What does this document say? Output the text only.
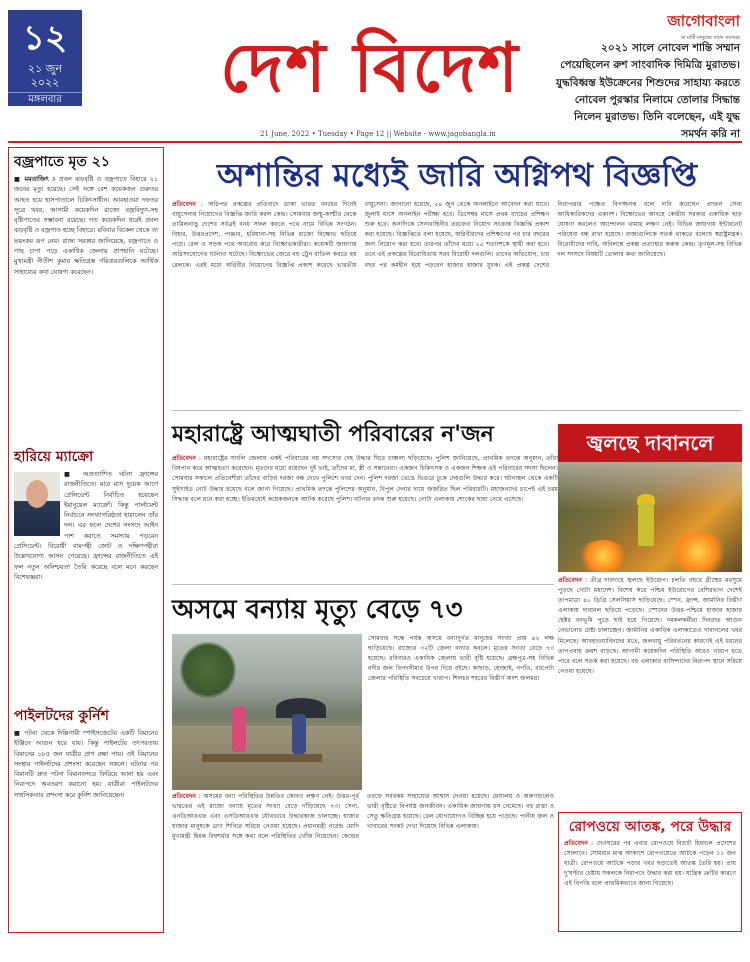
১২
২১ জুন
২০২২
মঙ্গলবার	দেশ বিদেশ
জাগোবাংলা
মা মাটি মানুষের সাথে সবসময়
২০২১ সালে নোবেল শান্তি সম্মান পেয়েছিলেন রুশ সাংবাদিক দিমিত্রি মুরাতভ। যুদ্ধবিধ্বস্ত ইউক্রেনের শিশুদের সাহায্য করতে নোবেল পুরস্কার নিলামে তোলার সিদ্ধান্ত নিলেন মুরাতভ। তিনি বলেছেন, এই যুদ্ধ সমর্থন করি না
21 June, 2022 • Tuesday • Page 12 || Website - www.jagobangla.in
বজ্রপাতে মৃত ২১
■ মমতাজিৎ ॥ প্রবল ঝড়বৃষ্টি ও বজ্রপাতে বিহারে ২১ জনের মৃত্যু হয়েছে। সেই সঙ্গে বেশ কয়েকজন গুরুতর আহত হয়ে হাসপাতালে চিকিৎসাধীন। আবহাওয়া দফতর সূত্রে খবর, আগামী কয়েকদিন রাজ্যে বজ্রবিদ্যুৎ-সহ বৃষ্টিপাতের সম্ভাবনা রয়েছে। গত কয়েকদিন ধরেই প্রবল ঝড়বৃষ্টি ও বজ্রপাত হচ্ছে বিহারে। রবিবার বিকেল থেকে তা ভয়ংকর রূপ নেয়। রাজ্য সরকার জানিয়েছে, বজ্রপাতে ও গাছ চাপা পড়ে একাধিক জেলায় প্রাণহানি ঘটেছে। মুখ্যমন্ত্রী নীতীশ কুমার ক্ষতিগ্রস্ত পরিবারগুলিকে আর্থিক সাহায্যের কথা ঘোষণা করেছেন।
হারিয়ে ম্যাক্রো
■ অপ্রত্যাশিত ঘটনা ফ্রান্সের রাজনীতিতে। মাত্র মাস দুয়েক আগে প্রেসিডেন্ট নির্বাচিত হয়েছেন ইমানুয়েল ম্যাক্রোঁ। কিন্তু পার্লামেন্ট নির্বাচনে সংখ্যাগরিষ্ঠতা হারালেন তাঁর দল। এর ফলে দেশের সংসদে আইন পাশ করাতে সমস্যায় পড়বেন প্রেসিডেন্ট। বিরোধী বামপন্থী জোট ও দক্ষিণপন্থীরা উল্লেখযোগ্য আসন পেয়েছে। ফ্রান্সের রাজনীতিতে এই ফল নতুন অনিশ্চয়তা তৈরি করেছে বলে মনে করছেন বিশেষজ্ঞরা।
পাইলটদের কুর্নিশ
■ পটনা থেকে দিল্লিগামী স্পাইসজেটের একটি বিমানের ইঞ্জিনে আগুন ধরে যায়। কিন্তু পাইলটের তৎপরতায় বিমানের ১৮৫ জন যাত্রীর প্রাণ রক্ষা পায়। ওই বিমানের সংস্থার পাইলটদের প্রশংসা করেছেন সকলে। ঘটনার পর বিমানটি দ্রুত পটনা বিমানবন্দরে ফিরিয়ে আনা হয় এবং নিরাপদে অবতরণ করানো হয়। যাত্রীরা পাইলটদের সাহসিকতার প্রশংসা করে কুর্নিশ জানিয়েছেন।
অশান্তির মধ্যেই জারি অগ্নিপথ বিজ্ঞপ্তি
প্রতিবেদন : অগ্নিপথ প্রকল্পের প্রতিবাদে ডাকা ভারত বনধের দিনেই বায়ুসেনায় নিয়োগের বিজ্ঞপ্তি জারি করল কেন্দ্র। সোমবার জম্মু-কাশ্মীর থেকে তামিলনাড়ু দেশের সর্বত্রই বনধ সফল করতে পথে নামে বিভিন্ন সংগঠন। বিহার, উত্তরপ্রদেশ, পাঞ্জাব, হরিয়ানা-সহ বিভিন্ন রাজ্যে বিক্ষোভ ছড়িয়ে পড়ে। রেল ও সড়ক পথে অবরোধ করে বিক্ষোভকারীরা। কয়েকটি জায়গায় অগ্নিসংযোগের ঘটনাও ঘটেছে। বিক্ষোভের জেরে বহু ট্রেন বাতিল করতে হয় রেলকে। এরই মধ্যে অগ্নিবীর নিয়োগের বিজ্ঞপ্তি প্রকাশ করেছে ভারতীয় বায়ুসেনা। জানানো হয়েছে, ২৪ জুন থেকে অনলাইনে আবেদন করা যাবে। জুলাই মাসে অনলাইন পরীক্ষা হবে। ডিসেম্বর মাসে প্রথম ব্যাচের প্রশিক্ষণ শুরু হবে। অন্যদিকে সেনাবাহিনীর তরফেও নিয়োগ সংক্রান্ত বিজ্ঞপ্তি প্রকাশ করা হয়েছে। বিজ্ঞপ্তিতে বলা হয়েছে, অগ্নিবীরদের প্রশিক্ষণের পর চার বছরের জন্য নিয়োগ করা হবে। তারপর তাঁদের মধ্যে ২৫ শতাংশকে স্থায়ী করা হবে। তবে এই প্রকল্পের বিরোধিতায় সরব বিরোধী দলগুলি। তাদের অভিযোগ, চার বছর পর কর্মহীন হয়ে পড়বেন হাজার হাজার যুবক। এই প্রকল্প দেশের নিরাপত্তার পক্ষেও বিপজ্জনক বলে দাবি করেছেন প্রাক্তন সেনা আধিকারিকদের একাংশ। বিক্ষোভের আবহে কেন্দ্রীয় সরকার একাধিক ছাড় ঘোষণা করলেও আন্দোলন থামার লক্ষণ নেই। বিভিন্ন জায়গায় ইন্টারনেট পরিষেবা বন্ধ রাখা হয়েছে। রাজ্যগুলিকে সতর্ক থাকতে বলেছে স্বরাষ্ট্রমন্ত্রক। বিরোধীদের দাবি, অবিলম্বে প্রকল্প প্রত্যাহার করুক কেন্দ্র। তৃণমূল-সহ বিভিন্ন দল সংসদে বিষয়টি তোলার কথা জানিয়েছে।
মহারাষ্ট্রে আত্মঘাতী পরিবারের ন'জন
প্রতিবেদন : মহারাষ্ট্রের সাংলি জেলায় একই পরিবারের নয় সদস্যের দেহ উদ্ধার ঘিরে চাঞ্চল্য ছড়িয়েছে। পুলিশ জানিয়েছে, প্রাথমিক তদন্তে অনুমান, তাঁরা বিষপান করে আত্মহত্যা করেছেন। মৃতদের মধ্যে রয়েছেন দুই ভাই, তাঁদের মা, স্ত্রী ও সন্তানেরা। একজন চিকিৎসক ও একজন শিক্ষক এই পরিবারের সদস্য ছিলেন। সোমবার সকালে প্রতিবেশীরা তাঁদের বাড়ির দরজা বন্ধ দেখে পুলিশে খবর দেন। পুলিশ দরজা ভেঙে ভিতরে ঢুকে দেহগুলি উদ্ধার করে। ঘটনাস্থল থেকে একটি সুইসাইড নোট উদ্ধার হয়েছে বলে জানা গিয়েছে। প্রাথমিক তদন্তে পুলিশের অনুমান, বিপুল দেনার দায়ে জর্জরিত ছিল পরিবারটি। মহাজনদের চাপেই এই চরম সিদ্ধান্ত বলে মনে করা হচ্ছে। ইতিমধ্যেই কয়েকজনকে আটক করেছে পুলিশ। ঘটনার তদন্ত শুরু হয়েছে। গোটা এলাকায় শোকের ছায়া নেমে এসেছে।
জ্বলছে দাবানলে
প্রতিবেদন : তীব্র দাবদাহে জ্বলছে ইউরোপ। চলতি বছরে গ্রীষ্মের মরসুমে পুড়ছে গোটা মহাদেশ। বিশেষ করে পশ্চিম ইউরোপের বেশিরভাগ দেশেই তাপমাত্রা ৪০ ডিগ্রি সেলসিয়াস ছাড়িয়েছে। স্পেন, ফ্রান্স, জার্মানির বিস্তীর্ণ এলাকায় দাবানল ছড়িয়ে পড়েছে। স্পেনের উত্তর-পশ্চিমে হাজার হাজার হেক্টর বনভূমি পুড়ে ছাই হয়ে গিয়েছে। দমকলকর্মীরা দিনরাত আগুন নেভানোর চেষ্টা চালাচ্ছেন। জার্মানির একাধিক এলাকাতেও দাবানলের খবর মিলেছে। আবহাওয়াবিদদের মতে, জলবায়ু পরিবর্তনের কারণেই এই ধরনের তাপপ্রবাহ ক্রমশ বাড়ছে। আগামী কয়েকদিন পরিস্থিতি আরও খারাপ হতে পারে বলে সতর্ক করা হয়েছে। বহু এলাকার বাসিন্দাদের নিরাপদ স্থানে সরিয়ে নেওয়া হয়েছে।
অসমে বন্যায় মৃত্যু বেড়ে ৭৩
সোমবার সন্ধে পর্যন্ত অসমে বন্যাদুর্গত মানুষের সংখ্যা প্রায় ৪২ লক্ষ ছাড়িয়েছে। রাজ্যের ৩২টি জেলা বন্যার কবলে। মৃতের সংখ্যা বেড়ে ৭৩ হয়েছে। রবিবারও একাধিক জেলায় ভারী বৃষ্টি হয়েছে। ব্রহ্মপুত্র-সহ বিভিন্ন নদীর জল বিপদসীমার উপর দিয়ে বইছে। কাছাড়, হোজাই, নগাঁও, বরপেটা জেলার পরিস্থিতি সবচেয়ে খারাপ। শিলচর শহরের বিস্তীর্ণ অংশ জলমগ্ন।
প্রতিবেদন : অসমের বন্যা পরিস্থিতির উন্নতির কোনও লক্ষণ নেই। উত্তর-পূর্ব ভারতের এই রাজ্যে বন্যায় মৃতের সংখ্যা বেড়ে দাঁড়িয়েছে ৭৩। সেনা, এনডিআরএফ এবং এসডিআরএফ যৌথভাবে উদ্ধারকাজ চালাচ্ছে। হাজার হাজার মানুষকে ত্রাণ শিবিরে সরিয়ে নেওয়া হয়েছে। প্রধানমন্ত্রী নরেন্দ্র মোদি মুখ্যমন্ত্রী হিমন্ত বিশ্বশর্মার সঙ্গে কথা বলে পরিস্থিতির খোঁজ নিয়েছেন। কেন্দ্রের তরফে সবরকম সাহায্যের আশ্বাস দেওয়া হয়েছে। মেঘালয় ও অরুণাচলেও ভারী বৃষ্টিতে বিপর্যস্ত জনজীবন। একাধিক জায়গায় ধস নেমেছে। বহু রাস্তা ও সেতু ক্ষতিগ্রস্ত হয়েছে। রেল যোগাযোগও বিচ্ছিন্ন হয়ে পড়েছে। পানীয় জল ও খাবারের সংকট দেখা দিয়েছে বিভিন্ন এলাকায়।	রোপওয়ে আতঙ্ক, পরে উদ্ধার
প্রতিবেদন : দেওঘরের পর এবার রোপওয়ে বিভ্রাট হিমাচল প্রদেশের সোলানে। সোমবার মাঝ আকাশে রোপওয়েতে আটকে পড়েন ১১ জন যাত্রী। রোপওয়ে আটকে পড়ার খবর ছড়াতেই আতঙ্ক তৈরি হয়। প্রায় দু'ঘণ্টার চেষ্টায় সকলকে নিরাপদে উদ্ধার করা হয়। যান্ত্রিক ত্রুটির কারণে এই বিপত্তি বলে প্রাথমিকভাবে জানা গিয়েছে।
